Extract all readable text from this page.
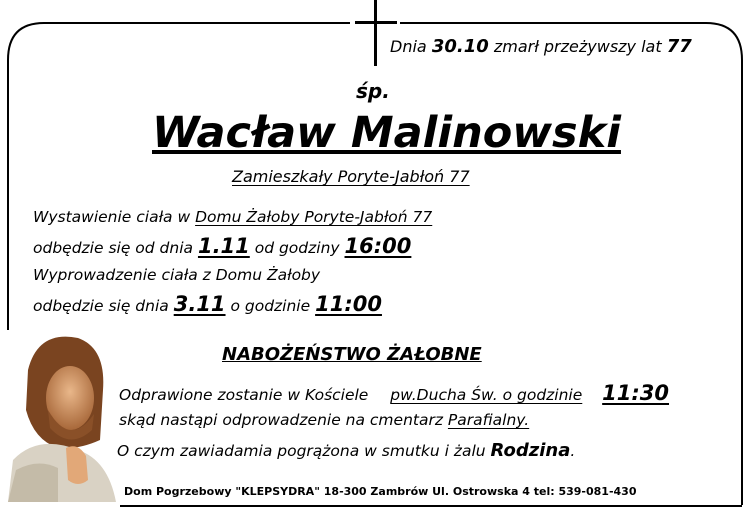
Dnia 30.10 zmarł przeżywszy lat 77
śp.
Wacław Malinowski
Zamieszkały Poryte-Jabłoń 77
Wystawienie ciała w Domu Żałoby Poryte-Jabłoń 77
odbędzie się od dnia 1.11 od godziny 16:00
Wyprowadzenie ciała z Domu Żałoby
odbędzie się dnia 3.11 o godzinie 11:00
NABOŻEŃSTWO ŻAŁOBNE
Odprawione zostanie w Kościele pw.Ducha Św. o godzinie 11:30
skąd nastąpi odprowadzenie na cmentarz Parafialny.
O czym zawiadamia pogrążona w smutku i żalu Rodzina.
Dom Pogrzebowy "KLEPSYDRA" 18-300 Zambrów Ul. Ostrowska 4 tel: 539-081-430
